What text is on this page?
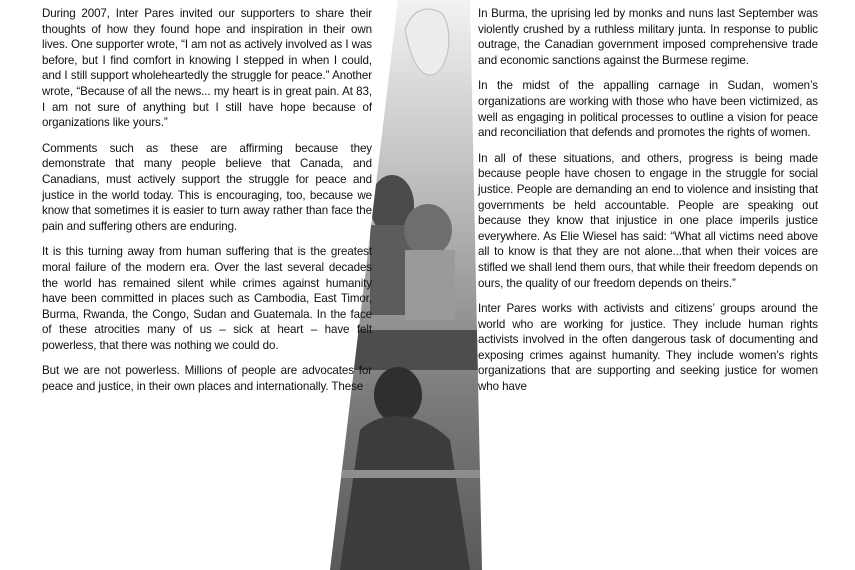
During 2007, Inter Pares invited our supporters to share their thoughts of how they found hope and inspiration in their own lives. One supporter wrote, “I am not as actively involved as I was before, but I find comfort in knowing I stepped in when I could, and I still support wholeheartedly the struggle for peace.” Another wrote, “Because of all the news... my heart is in great pain. At 83, I am not sure of anything but I still have hope because of organizations like yours.”

Comments such as these are affirming because they demonstrate that many people believe that Canada, and Canadians, must actively support the struggle for peace and justice in the world today. This is encouraging, too, because we know that sometimes it is easier to turn away rather than face the pain and suffering others are enduring.

It is this turning away from human suffering that is the greatest moral failure of the modern era. Over the last several decades the world has remained silent while crimes against humanity have been committed in places such as Cambodia, East Timor, Burma, Rwanda, the Congo, Sudan and Guatemala. In the face of these atrocities many of us – sick at heart – have felt powerless, that there was nothing we could do.

But we are not powerless. Millions of people are advocates for peace and justice, in their own places and internationally. These

In Burma, the uprising led by monks and nuns last September was violently crushed by a ruthless military junta. In response to public outrage, the Canadian government imposed comprehensive trade and economic sanctions against the Burmese regime.

In the midst of the appalling carnage in Sudan, women’s organizations are working with those who have been victimized, as well as engaging in political processes to outline a vision for peace and reconciliation that defends and promotes the rights of women.

In all of these situations, and others, progress is being made because people have chosen to engage in the struggle for social justice. People are demanding an end to violence and insisting that governments be held accountable. People are speaking out because they know that injustice in one place imperils justice everywhere. As Elie Wiesel has said: “What all victims need above all to know is that they are not alone...that when their voices are stifled we shall lend them ours, that while their freedom depends on ours, the quality of our freedom depends on theirs.”

Inter Pares works with activists and citizens’ groups around the world who are working for justice. They include human rights activists involved in the often dangerous task of documenting and exposing crimes against humanity. They include women’s rights organizations that are supporting and seeking justice for women who have
